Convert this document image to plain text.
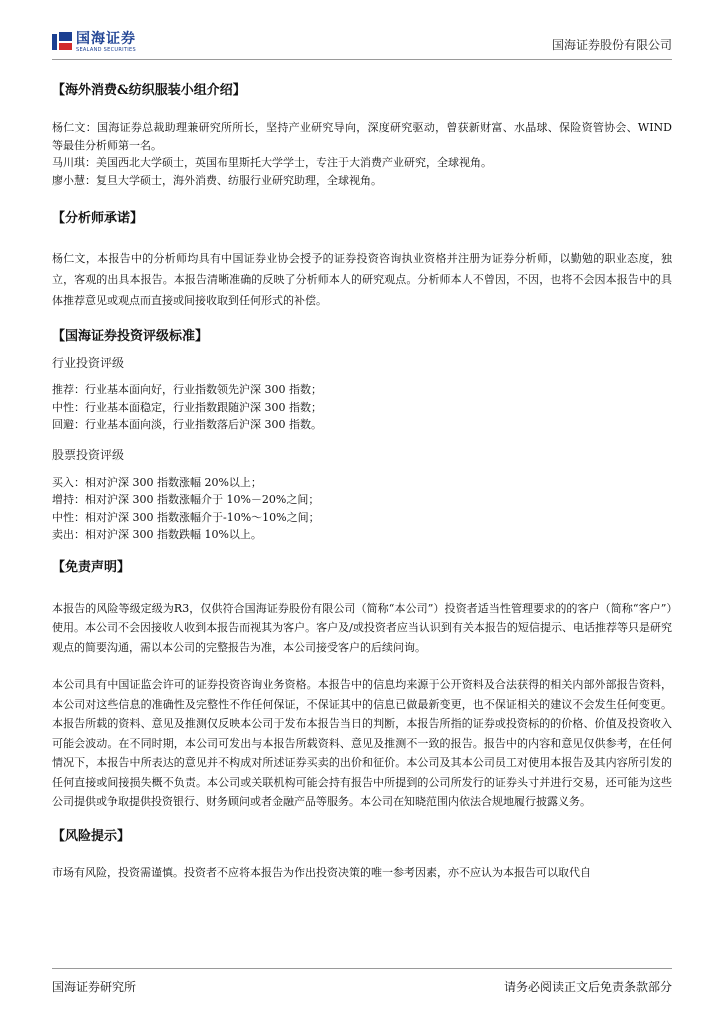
国海证券
SEALAND SECURITIES	国海证券股份有限公司
【海外消费&纺织服装小组介绍】

杨仁文：国海证券总裁助理兼研究所所长，坚持产业研究导向，深度研究驱动，曾获新财富、水晶球、保险资管协会、WIND 等最佳分析师第一名。

马川琪：美国西北大学硕士，英国布里斯托大学学士，专注于大消费产业研究，全球视角。

廖小慧：复旦大学硕士，海外消费、纺服行业研究助理，全球视角。

【分析师承诺】

杨仁文，本报告中的分析师均具有中国证券业协会授予的证券投资咨询执业资格并注册为证券分析师，以勤勉的职业态度，独立，客观的出具本报告。本报告清晰准确的反映了分析师本人的研究观点。分析师本人不曾因，不因，也将不会因本报告中的具体推荐意见或观点而直接或间接收取到任何形式的补偿。

【国海证券投资评级标准】

行业投资评级

推荐：行业基本面向好，行业指数领先沪深 300 指数；

中性：行业基本面稳定，行业指数跟随沪深 300 指数；

回避：行业基本面向淡，行业指数落后沪深 300 指数。

股票投资评级

买入：相对沪深 300 指数涨幅 20%以上；

增持：相对沪深 300 指数涨幅介于 10%－20%之间；

中性：相对沪深 300 指数涨幅介于-10%～10%之间；

卖出：相对沪深 300 指数跌幅 10%以上。

【免责声明】

本报告的风险等级定级为R3，仅供符合国海证券股份有限公司（简称“本公司”）投资者适当性管理要求的的客户（简称“客户”）使用。本公司不会因接收人收到本报告而视其为客户。客户及/或投资者应当认识到有关本报告的短信提示、电话推荐等只是研究观点的简要沟通，需以本公司的完整报告为准，本公司接受客户的后续问询。

本公司具有中国证监会许可的证券投资咨询业务资格。本报告中的信息均来源于公开资料及合法获得的相关内部外部报告资料，本公司对这些信息的准确性及完整性不作任何保证，不保证其中的信息已做最新变更，也不保证相关的建议不会发生任何变更。本报告所载的资料、意见及推测仅反映本公司于发布本报告当日的判断，本报告所指的证券或投资标的的价格、价值及投资收入可能会波动。在不同时期，本公司可发出与本报告所载资料、意见及推测不一致的报告。报告中的内容和意见仅供参考，在任何情况下，本报告中所表达的意见并不构成对所述证券买卖的出价和征价。本公司及其本公司员工对使用本报告及其内容所引发的任何直接或间接损失概不负责。本公司或关联机构可能会持有报告中所提到的公司所发行的证券头寸并进行交易，还可能为这些公司提供或争取提供投资银行、财务顾问或者金融产品等服务。本公司在知晓范围内依法合规地履行披露义务。

【风险提示】

市场有风险，投资需谨慎。投资者不应将本报告为作出投资决策的唯一参考因素，亦不应认为本报告可以取代自

国海证券研究所	请务必阅读正文后免责条款部分
